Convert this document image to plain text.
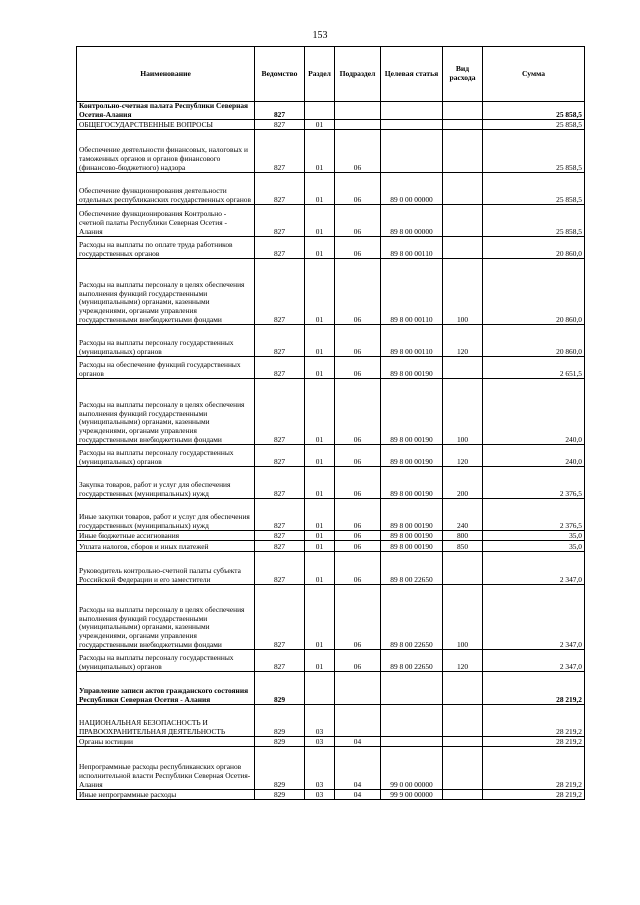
153
Наименование	Ведомство	Раздел	Подраздел	Целевая статья	Вид расхода	Сумма
Контрольно-счетная палата Республики Северная Осетия-Алания	827					25 858,5
ОБЩЕГОСУДАРСТВЕННЫЕ ВОПРОСЫ	827	01				25 858,5
Обеспечение деятельности финансовых, налоговых и таможенных органов и органов финансового (финансово-бюджетного) надзора	827	01	06			25 858,5
Обеспечение функционирования деятельности отдельных республиканских государственных органов	827	01	06	89 0 00 00000		25 858,5
Обеспечение функционирования Контрольно - счетной палаты Республики Северная Осетия - Алания	827	01	06	89 8 00 00000		25 858,5
Расходы на выплаты по оплате труда работников государственных органов	827	01	06	89 8 00 00110		20 860,0
Расходы на выплаты персоналу в целях обеспечения выполнения функций государственными (муниципальными) органами, казенными учреждениями, органами управления государственными внебюджетными фондами	827	01	06	89 8 00 00110	100	20 860,0
Расходы на выплаты персоналу государственных (муниципальных) органов	827	01	06	89 8 00 00110	120	20 860,0
Расходы на обеспечение функций государственных органов	827	01	06	89 8 00 00190		2 651,5
Расходы на выплаты персоналу в целях обеспечения выполнения функций государственными (муниципальными) органами, казенными учреждениями, органами управления государственными внебюджетными фондами	827	01	06	89 8 00 00190	100	240,0
Расходы на выплаты персоналу государственных (муниципальных) органов	827	01	06	89 8 00 00190	120	240,0
Закупка товаров, работ и услуг для обеспечения государственных (муниципальных) нужд	827	01	06	89 8 00 00190	200	2 376,5
Иные закупки товаров, работ и услуг для обеспечения государственных (муниципальных) нужд	827	01	06	89 8 00 00190	240	2 376,5
Иные бюджетные ассигнования	827	01	06	89 8 00 00190	800	35,0
Уплата налогов, сборов и иных платежей	827	01	06	89 8 00 00190	850	35,0
Руководитель контрольно-счетной палаты субъекта Российской Федерации и его заместители	827	01	06	89 8 00 22650		2 347,0
Расходы на выплаты персоналу в целях обеспечения выполнения функций государственными (муниципальными) органами, казенными учреждениями, органами управления государственными внебюджетными фондами	827	01	06	89 8 00 22650	100	2 347,0
Расходы на выплаты персоналу государственных (муниципальных) органов	827	01	06	89 8 00 22650	120	2 347,0
Управление записи актов гражданского состояния Республики Северная Осетия - Алания	829					28 219,2
НАЦИОНАЛЬНАЯ БЕЗОПАСНОСТЬ И ПРАВООХРАНИТЕЛЬНАЯ ДЕЯТЕЛЬНОСТЬ	829	03				28 219,2
Органы юстиции	829	03	04			28 219,2
Непрограммные расходы республиканских органов исполнительной власти Республики Северная Осетия-Алания	829	03	04	99 0 00 00000		28 219,2
Иные непрограммные расходы	829	03	04	99 9 00 00000		28 219,2
